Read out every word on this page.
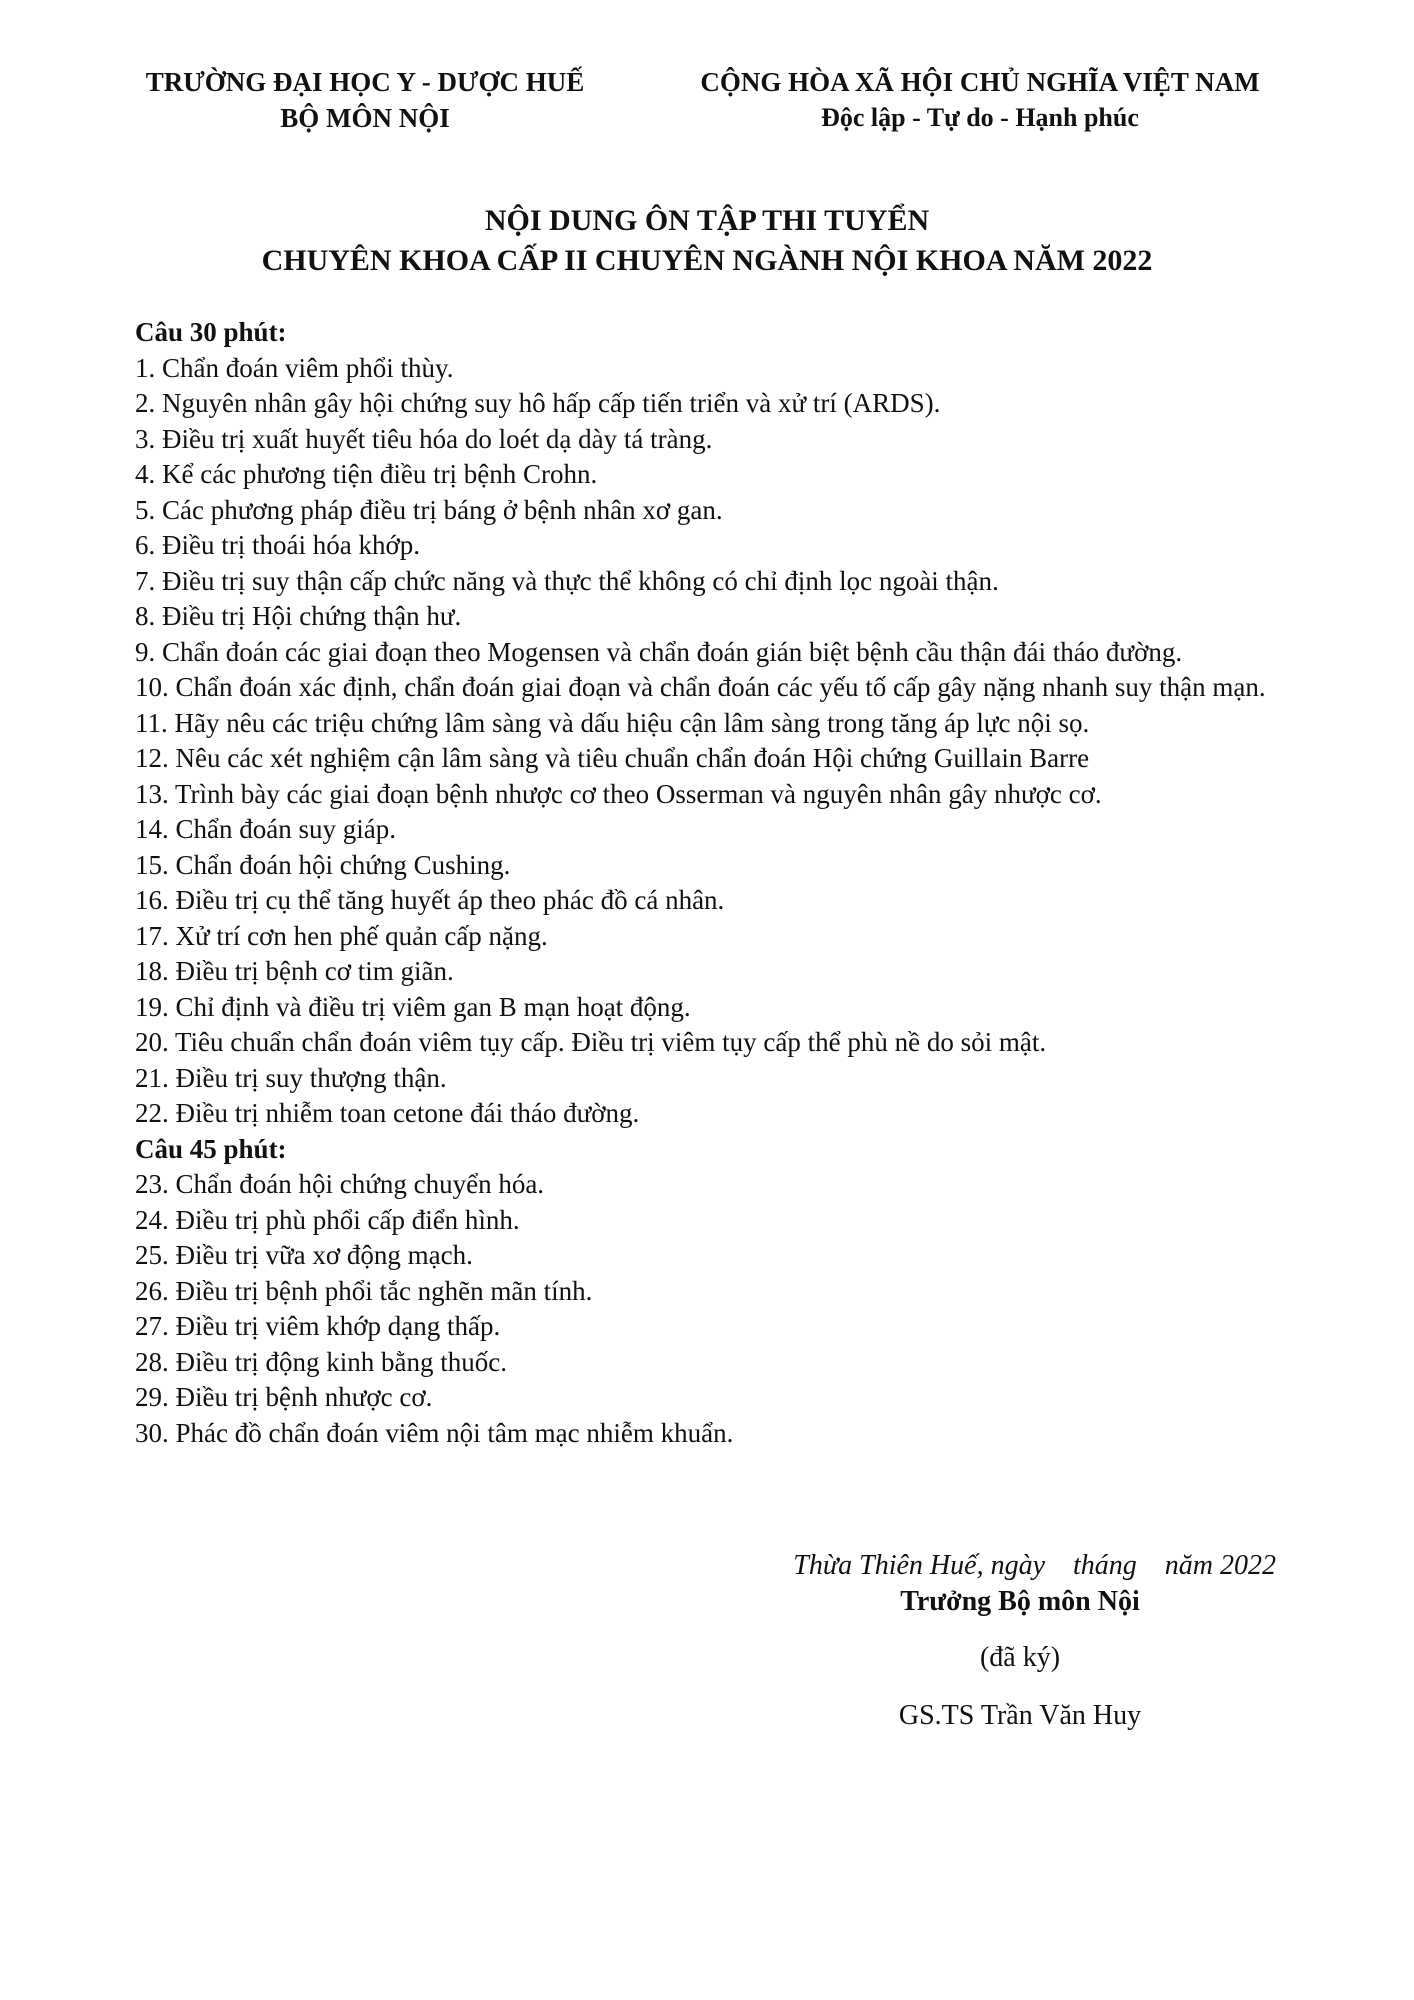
TRƯỜNG ĐẠI HỌC Y - DƯỢC HUẾ
BỘ MÔN NỘI
CỘNG HÒA XÃ HỘI CHỦ NGHĨA VIỆT NAM
Độc lập - Tự do - Hạnh phúc
NỘI DUNG ÔN TẬP THI TUYỂN
CHUYÊN KHOA CẤP II CHUYÊN NGÀNH NỘI KHOA NĂM 2022
Câu 30 phút:
1. Chẩn đoán viêm phổi thùy.
2. Nguyên nhân gây hội chứng suy hô hấp cấp tiến triển và xử trí (ARDS).
3. Điều trị xuất huyết tiêu hóa do loét dạ dày tá tràng.
4. Kể các phương tiện điều trị bệnh Crohn.
5. Các phương pháp điều trị báng ở bệnh nhân xơ gan.
6. Điều trị thoái hóa khớp.
7. Điều trị suy thận cấp chức năng và thực thể không có chỉ định lọc ngoài thận.
8. Điều trị Hội chứng thận hư.
9. Chẩn đoán các giai đoạn theo Mogensen và chẩn đoán gián biệt bệnh cầu thận đái tháo đường.
10. Chẩn đoán xác định, chẩn đoán giai đoạn và chẩn đoán các yếu tố cấp gây nặng nhanh suy thận mạn.
11. Hãy nêu các triệu chứng lâm sàng và dấu hiệu cận lâm sàng trong tăng áp lực nội sọ.
12. Nêu các xét nghiệm cận lâm sàng và tiêu chuẩn chẩn đoán Hội chứng Guillain Barre
13. Trình bày các giai đoạn bệnh nhược cơ theo Osserman và nguyên nhân gây nhược cơ.
14. Chẩn đoán suy giáp.
15. Chẩn đoán hội chứng Cushing.
16. Điều trị cụ thể tăng huyết áp theo phác đồ cá nhân.
17. Xử trí cơn hen phế quản cấp nặng.
18. Điều trị bệnh cơ tim giãn.
19. Chỉ định và điều trị viêm gan B mạn hoạt động.
20. Tiêu chuẩn chẩn đoán viêm tụy cấp. Điều trị viêm tụy cấp thể phù nề do sỏi mật.
21. Điều trị suy thượng thận.
22. Điều trị nhiễm toan cetone đái tháo đường.
Câu 45 phút:
23. Chẩn đoán hội chứng chuyển hóa.
24. Điều trị phù phổi cấp điển hình.
25. Điều trị vữa xơ động mạch.
26. Điều trị bệnh phổi tắc nghẽn mãn tính.
27. Điều trị viêm khớp dạng thấp.
28. Điều trị động kinh bằng thuốc.
29. Điều trị bệnh nhược cơ.
30. Phác đồ chẩn đoán viêm nội tâm mạc nhiễm khuẩn.
Thừa Thiên Huế, ngày    tháng    năm 2022
Trưởng Bộ môn Nội
(đã ký)
GS.TS Trần Văn Huy
